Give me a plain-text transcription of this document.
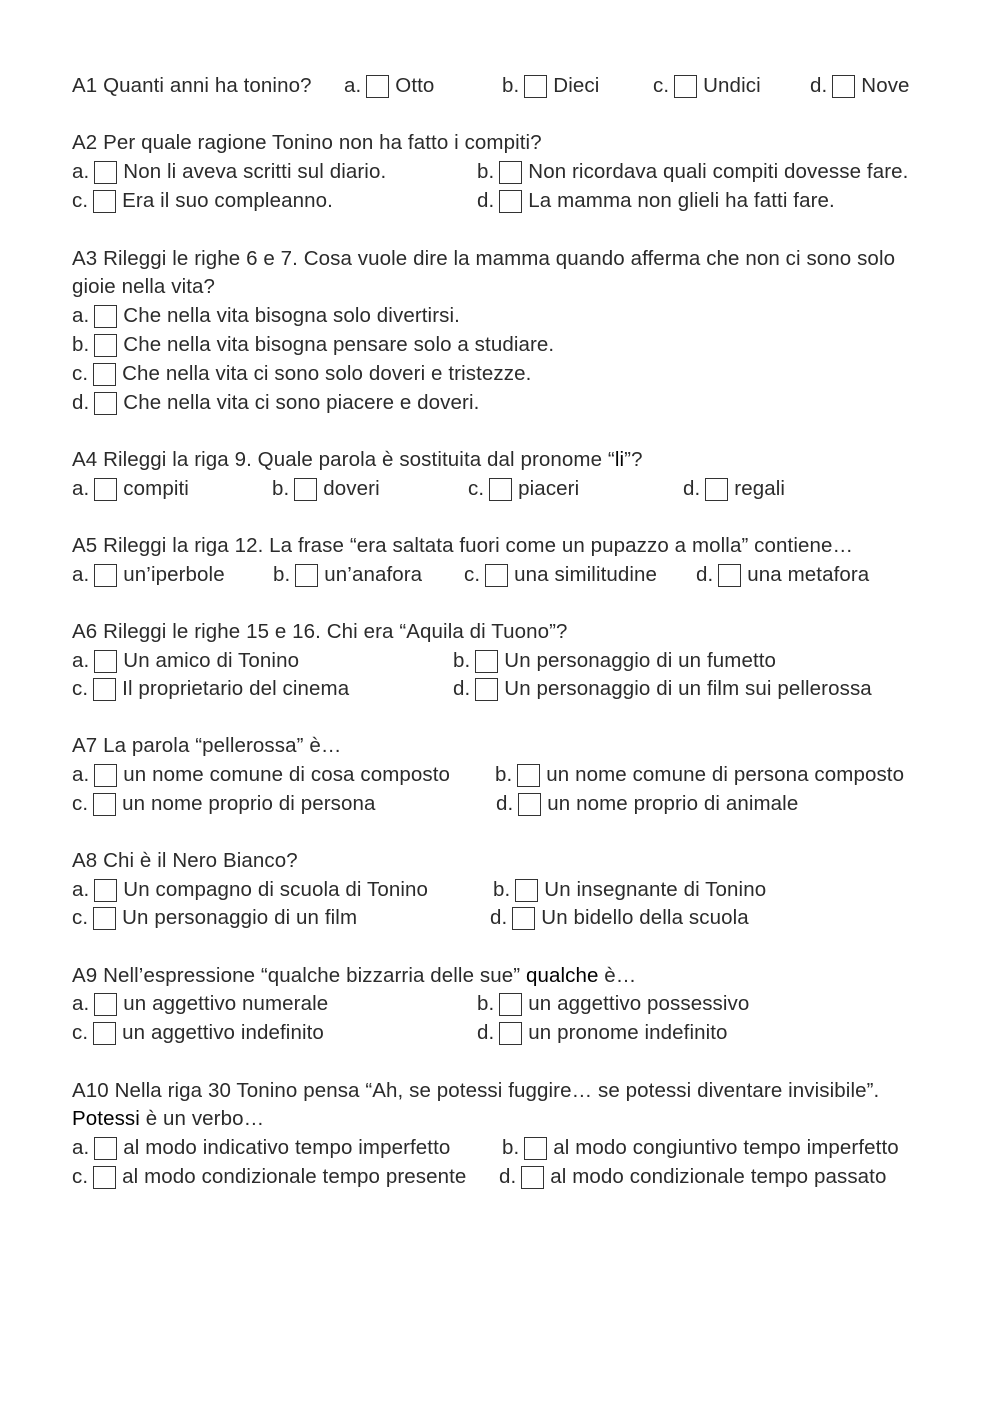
A1 Quanti anni ha tonino? a. Otto	b. Dieci	c. Undici d. Nove
A2 Per quale ragione Tonino non ha fatto i compiti?
a. Non li aveva scritti sul diario.	b. Non ricordava quali compiti dovesse fare.
c. Era il suo compleanno.	d. La mamma non glieli ha fatti fare.
A3 Rileggi le righe 6 e 7. Cosa vuole dire la mamma quando afferma che non ci sono solo
gioie nella vita?
a. Che nella vita bisogna solo divertirsi.
b. Che nella vita bisogna pensare solo a studiare.
c. Che nella vita ci sono solo doveri e tristezze.
d. Che nella vita ci sono piacere e doveri.
A4 Rileggi la riga 9. Quale parola è sostituita dal pronome “li”?
a. compiti	b. doveri	c. piaceri	d. regali
A5 Rileggi la riga 12. La frase “era saltata fuori come un pupazzo a molla” contiene…
a. un’iperbole b. un’anafora c. una similitudine d. una metafora
A6 Rileggi le righe 15 e 16. Chi era “Aquila di Tuono”?
a. Un amico di Tonino	b. Un personaggio di un fumetto
c. Il proprietario del cinema	d. Un personaggio di un film sui pellerossa
A7 La parola “pellerossa” è…
a. un nome comune di cosa composto b. un nome comune di persona composto
c. un nome proprio di persona	d. un nome proprio di animale
A8 Chi è il Nero Bianco?
a. Un compagno di scuola di Tonino	b. Un insegnante di Tonino
c. Un personaggio di un film	d. Un bidello della scuola
A9 Nell’espressione “qualche bizzarria delle sue” qualche è…
a. un aggettivo numerale	b. un aggettivo possessivo
c. un aggettivo indefinito	d. un pronome indefinito
A10 Nella riga 30 Tonino pensa “Ah, se potessi fuggire… se potessi diventare invisibile”.
Potessi è un verbo…
a. al modo indicativo tempo imperfetto	b. al modo congiuntivo tempo imperfetto
c. al modo condizionale tempo presente d. al modo condizionale tempo passato
